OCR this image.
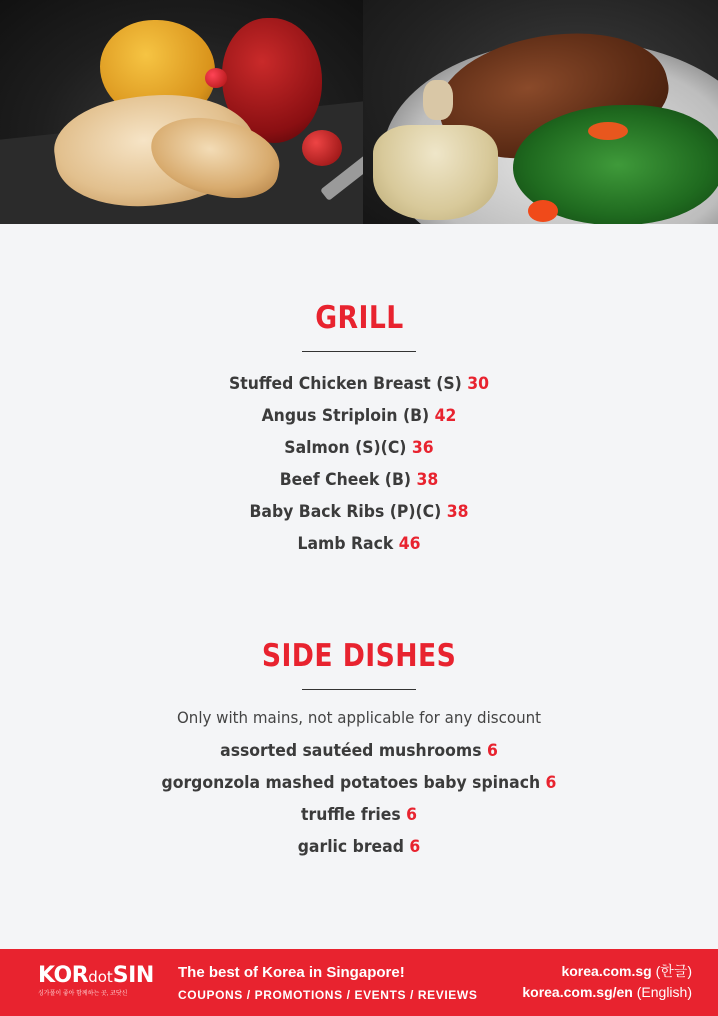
GRILL
Stuffed Chicken Breast (S) 30
Angus Striploin (B) 42
Salmon (S)(C) 36
Beef Cheek (B) 38
Baby Back Ribs (P)(C) 38
Lamb Rack 46
SIDE DISHES

Only with mains, not applicable for any discount

assorted sautéed mushrooms 6
gorgonzola mashed potatoes baby spinach 6
truffle fries 6
garlic bread 6
KORdotSIN
싱가폴이 좋아 함께하는 곳, 코닷신
The best of Korea in Singapore!
COUPONS / PROMOTIONS / EVENTS / REVIEWS
korea.com.sg (한글)
korea.com.sg/en (English)
